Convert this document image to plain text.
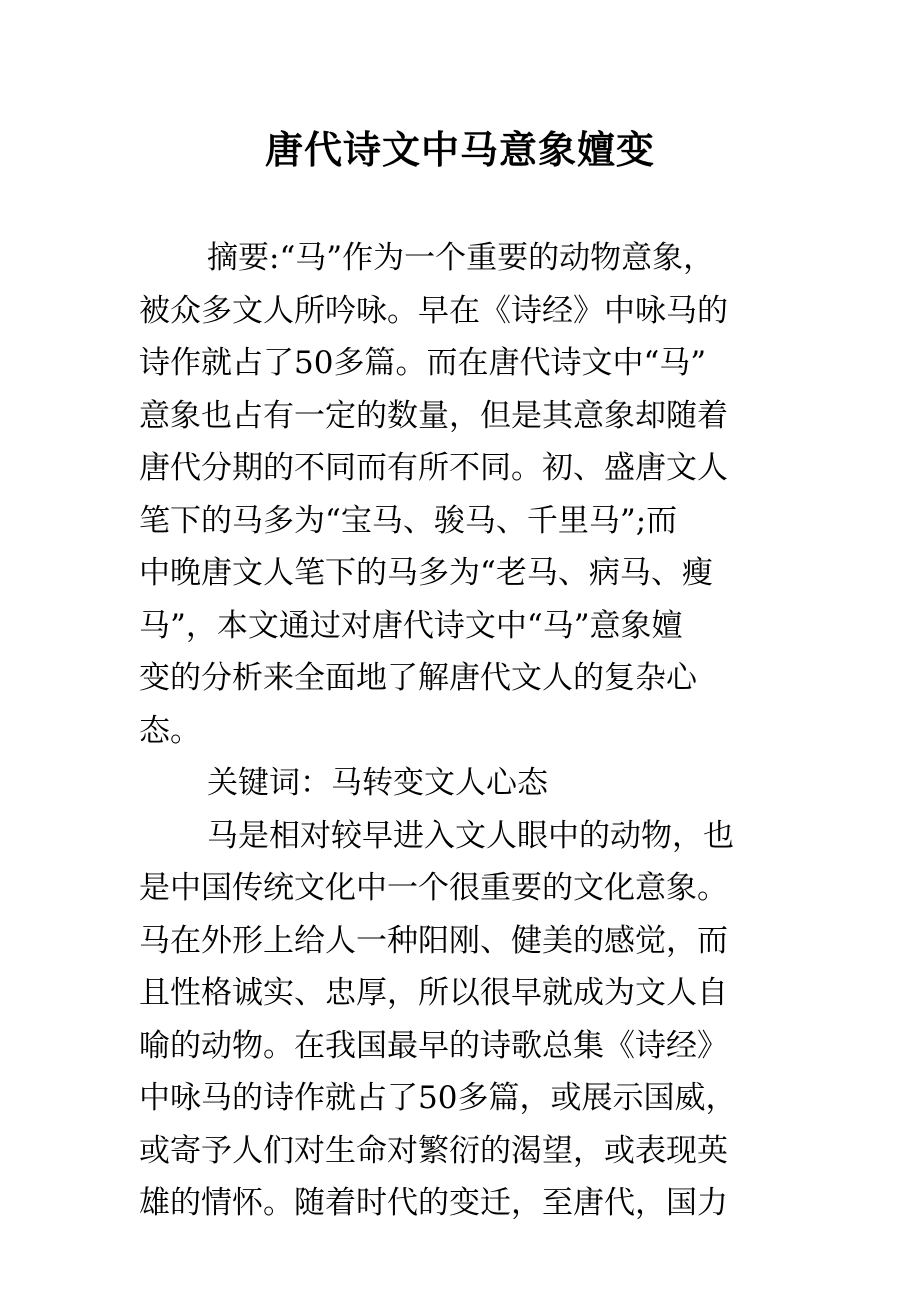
唐代诗文中马意象嬗变
摘要:“马”作为一个重要的动物意象，
被众多文人所吟咏。早在《诗经》中咏马的
诗作就占了50多篇。而在唐代诗文中“马”
意象也占有一定的数量，但是其意象却随着
唐代分期的不同而有所不同。初、盛唐文人
笔下的马多为“宝马、骏马、千里马”;而
中晚唐文人笔下的马多为“老马、病马、瘦
马”，本文通过对唐代诗文中“马”意象嬗
变的分析来全面地了解唐代文人的复杂心
态。
关键词：马转变文人心态
马是相对较早进入文人眼中的动物，也
是中国传统文化中一个很重要的文化意象。
马在外形上给人一种阳刚、健美的感觉，而
且性格诚实、忠厚，所以很早就成为文人自
喻的动物。在我国最早的诗歌总集《诗经》
中咏马的诗作就占了50多篇，或展示国威，
或寄予人们对生命对繁衍的渴望，或表现英
雄的情怀。随着时代的变迁，至唐代，国力
